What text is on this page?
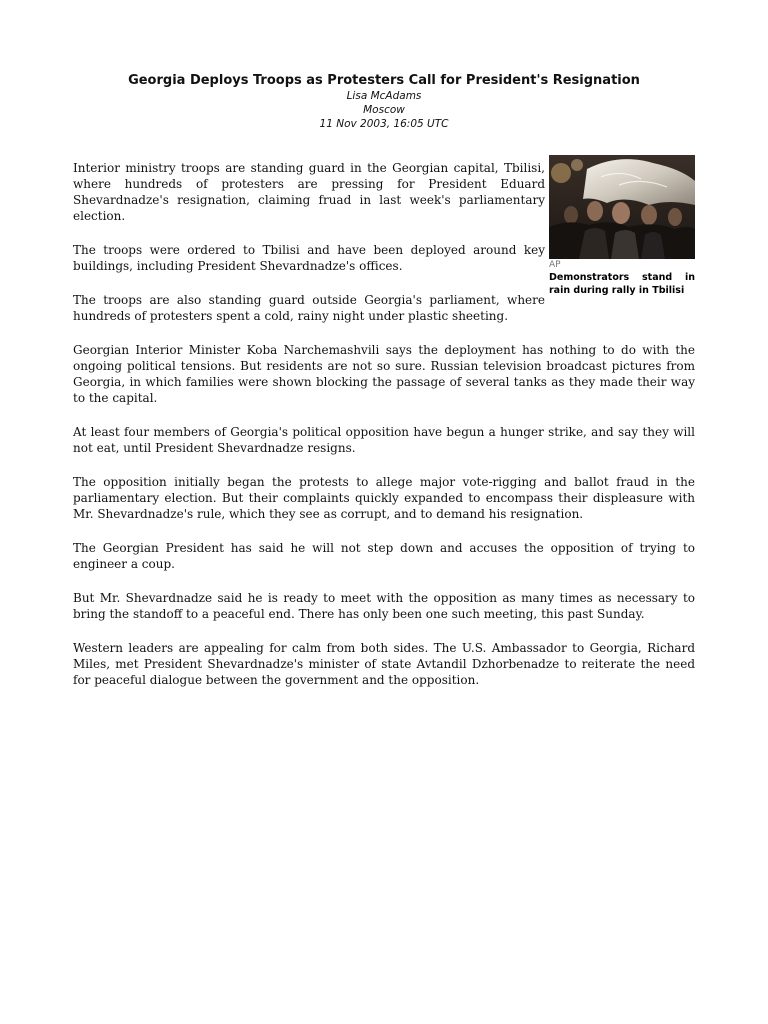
Georgia Deploys Troops as Protesters Call for President's Resignation
Lisa McAdams
Moscow
11 Nov 2003, 16:05 UTC
AP
Demonstrators stand in rain during rally in Tbilisi

Interior ministry troops are standing guard in the Georgian capital, Tbilisi, where hundreds of protesters are pressing for President Eduard Shevardnadze's resignation, claiming fruad in last week's parliamentary election.

The troops were ordered to Tbilisi and have been deployed around key buildings, including President Shevardnadze's offices.

The troops are also standing guard outside Georgia's parliament, where hundreds of protesters spent a cold, rainy night under plastic sheeting.

Georgian Interior Minister Koba Narchemashvili says the deployment has nothing to do with the ongoing political tensions. But residents are not so sure. Russian television broadcast pictures from Georgia, in which families were shown blocking the passage of several tanks as they made their way to the capital.

At least four members of Georgia's political opposition have begun a hunger strike, and say they will not eat, until President Shevardnadze resigns.

The opposition initially began the protests to allege major vote-rigging and ballot fraud in the parliamentary election. But their complaints quickly expanded to encompass their displeasure with Mr. Shevardnadze's rule, which they see as corrupt, and to demand his resignation.

The Georgian President has said he will not step down and accuses the opposition of trying to engineer a coup.

But Mr. Shevardnadze said he is ready to meet with the opposition as many times as necessary to bring the standoff to a peaceful end. There has only been one such meeting, this past Sunday.

Western leaders are appealing for calm from both sides. The U.S. Ambassador to Georgia, Richard Miles, met President Shevardnadze's minister of state Avtandil Dzhorbenadze to reiterate the need for peaceful dialogue between the government and the opposition.
